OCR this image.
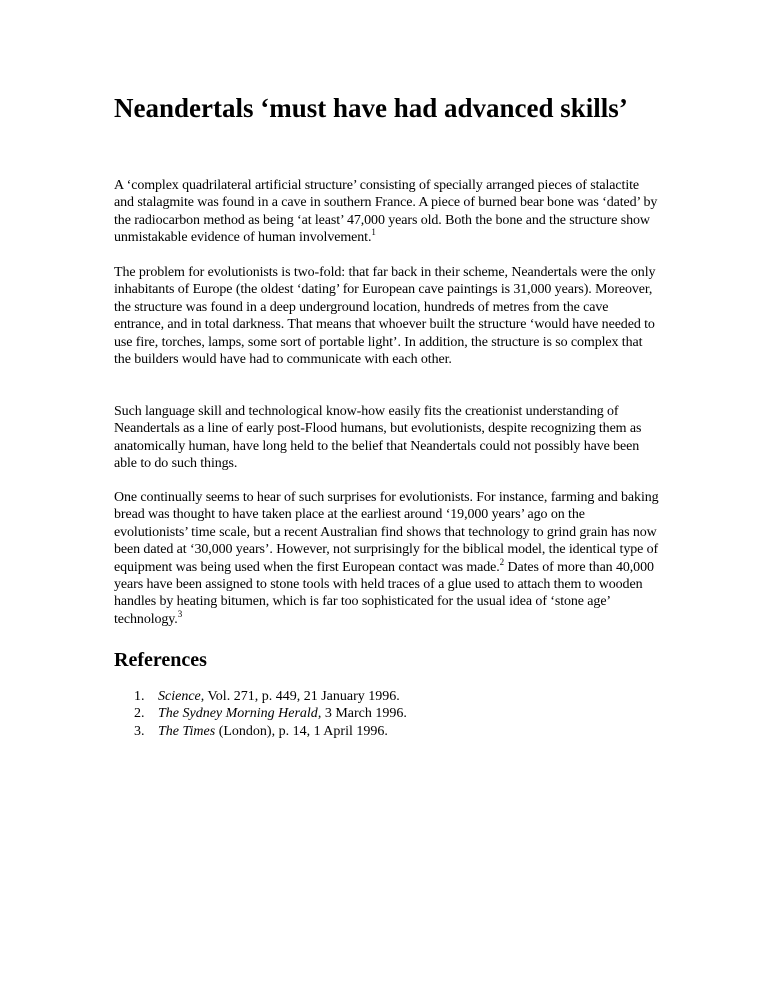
Neandertals ‘must have had advanced skills’

A ‘complex quadrilateral artificial structure’ consisting of specially arranged pieces of stalactite and stalagmite was found in a cave in southern France. A piece of burned bear bone was ‘dated’ by the radiocarbon method as being ‘at least’ 47,000 years old. Both the bone and the structure show unmistakable evidence of human involvement.$^1$

The problem for evolutionists is two-fold: that far back in their scheme, Neandertals were the only inhabitants of Europe (the oldest ‘dating’ for European cave paintings is 31,000 years). Moreover, the structure was found in a deep underground location, hundreds of metres from the cave entrance, and in total darkness. That means that whoever built the structure ‘would have needed to use fire, torches, lamps, some sort of portable light’. In addition, the structure is so complex that the builders would have had to communicate with each other.

Such language skill and technological know-how easily fits the creationist understanding of Neandertals as a line of early post-Flood humans, but evolutionists, despite recognizing them as anatomically human, have long held to the belief that Neandertals could not possibly have been able to do such things.

One continually seems to hear of such surprises for evolutionists. For instance, farming and baking bread was thought to have taken place at the earliest around ‘19,000 years’ ago on the evolutionists’ time scale, but a recent Australian find shows that technology to grind grain has now been dated at ‘30,000 years’. However, not surprisingly for the biblical model, the identical type of equipment was being used when the first European contact was made.$^2$ Dates of more than 40,000 years have been assigned to stone tools with held traces of a glue used to attach them to wooden handles by heating bitumen, which is far too sophisticated for the usual idea of ‘stone age’ technology.$^3$

References
1. Science, Vol. 271, p. 449, 21 January 1996.
2. The Sydney Morning Herald, 3 March 1996.
3. The Times (London), p. 14, 1 April 1996.
